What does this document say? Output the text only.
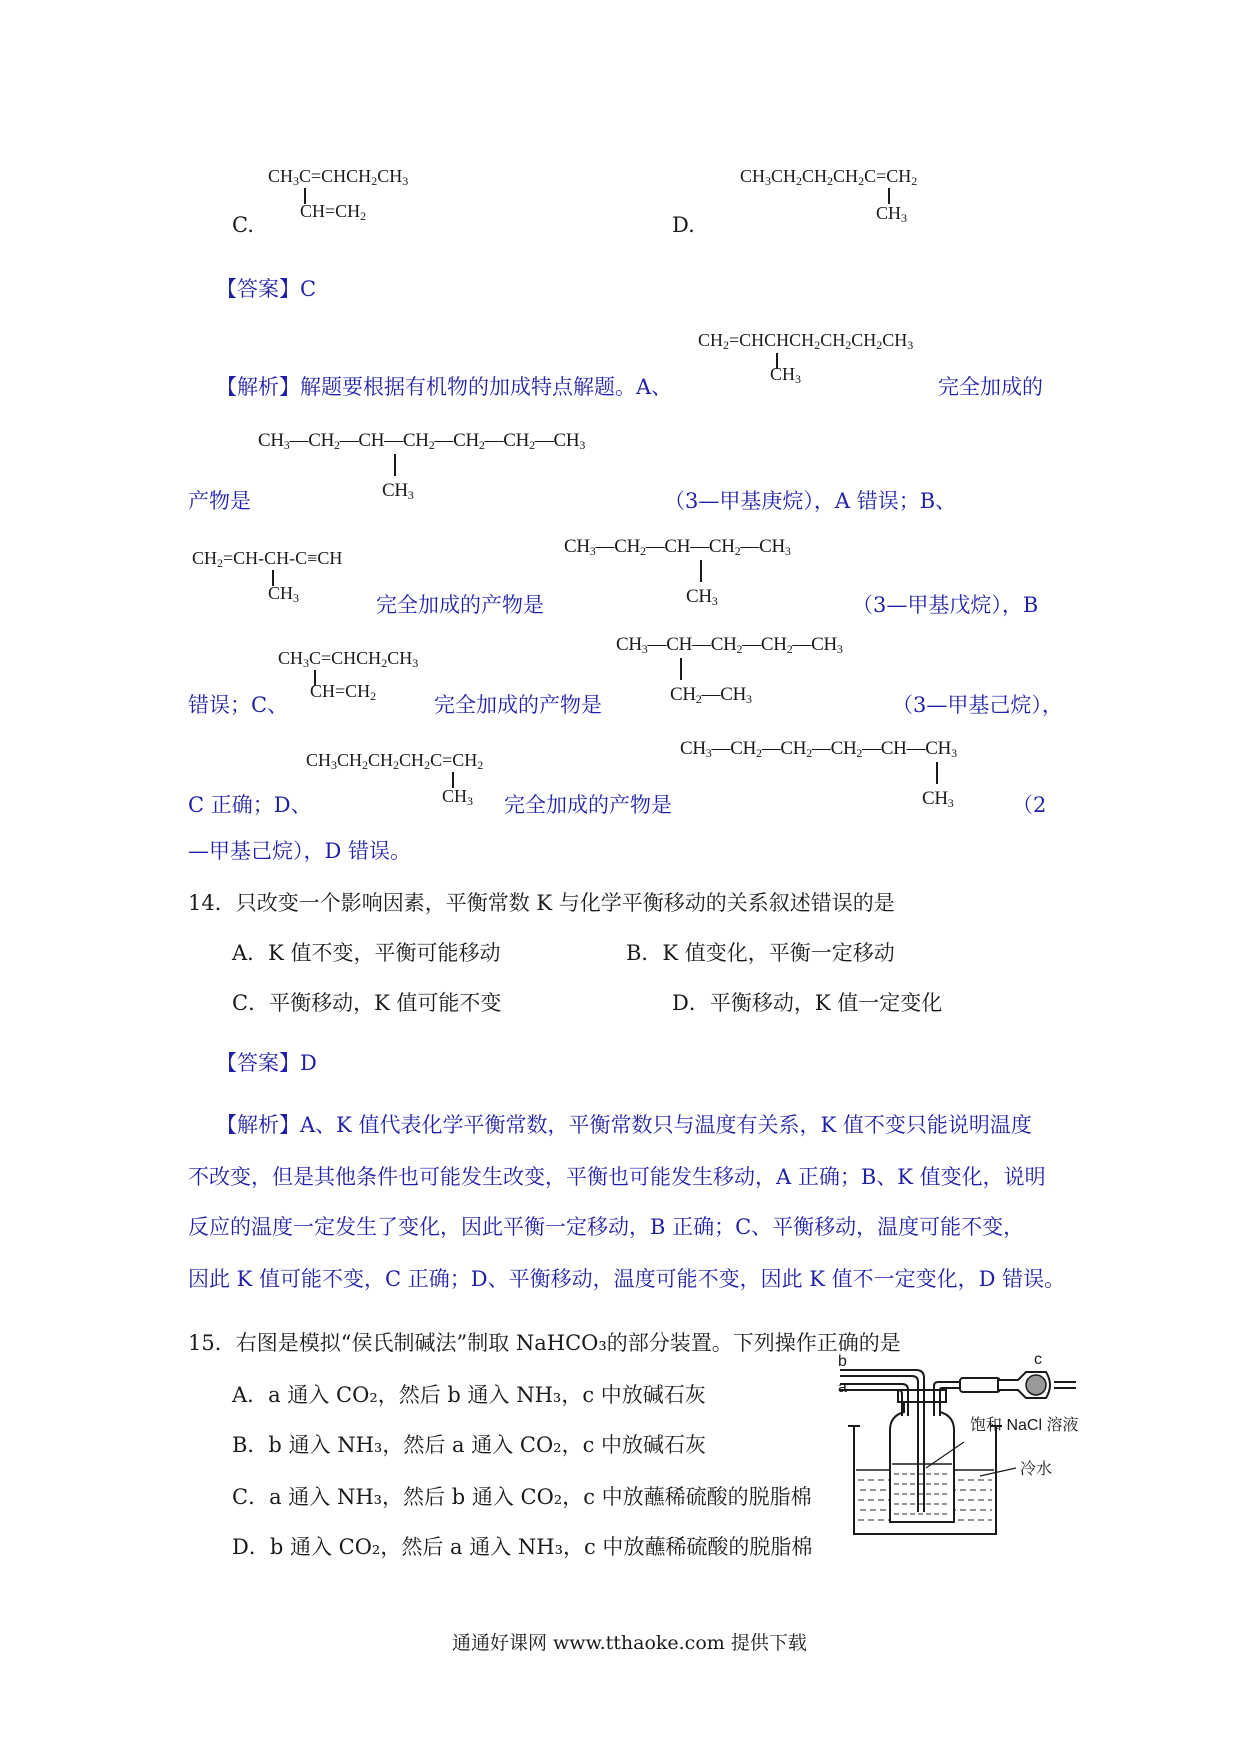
$CH_3C=CHCH_2CH_3$
$CH=CH_2$
C.
$CH_3CH_2CH_2CH_2C=CH_2$
$CH_3$
D.
【答案】C
$CH_2=CHCHCH_2CH_2CH_2CH_3$
$CH_3$
【解析】解题要根据有机物的加成特点解题。A、	完全加成的
$CH_3—CH_2—CH—CH_2—CH_2—CH_2—CH_3$
$CH_3$
产物是	（3—甲基庚烷），A 错误；B、
$CH_2=CH-CH-C\equiv CH$
$CH_3$
$CH_3—CH_2—CH—CH_2—CH_3$
$CH_3$
完全加成的产物是	（3—甲基戊烷），B
$CH_3C=CHCH_2CH_3$
$CH=CH_2$
$CH_3—CH—CH_2—CH_2—CH_3$
$CH_2—CH_3$
错误；C、	完全加成的产物是	（3—甲基己烷），
$CH_3CH_2CH_2CH_2C=CH_2$
$CH_3$
$CH_3—CH_2—CH_2—CH_2—CH—CH_3$
$CH_3$
C 正确；D、	完全加成的产物是	（2
—甲基己烷），D 错误。
14．只改变一个影响因素，平衡常数 K 与化学平衡移动的关系叙述错误的是
A．K 值不变，平衡可能移动	B．K 值变化，平衡一定移动
C．平衡移动，K 值可能不变	D．平衡移动，K 值一定变化
【答案】D
【解析】A、K 值代表化学平衡常数，平衡常数只与温度有关系，K 值不变只能说明温度
不改变，但是其他条件也可能发生改变，平衡也可能发生移动，A 正确；B、K 值变化，说明
反应的温度一定发生了变化，因此平衡一定移动，B 正确；C、平衡移动，温度可能不变，
因此 K 值可能不变，C 正确；D、平衡移动，温度可能不变，因此 K 值不一定变化，D 错误。
15．右图是模拟“侯氏制碱法”制取 NaHCO₃的部分装置。下列操作正确的是
A．a 通入 CO₂，然后 b 通入 NH₃，c 中放碱石灰
B．b 通入 NH₃，然后 a 通入 CO₂，c 中放碱石灰
C．a 通入 NH₃，然后 b 通入 CO₂，c 中放蘸稀硫酸的脱脂棉
D．b 通入 CO₂，然后 a 通入 NH₃，c 中放蘸稀硫酸的脱脂棉
b
a
c
饱和 NaCl 溶液
冷水
通通好课网 www.tthaoke.com 提供下载
